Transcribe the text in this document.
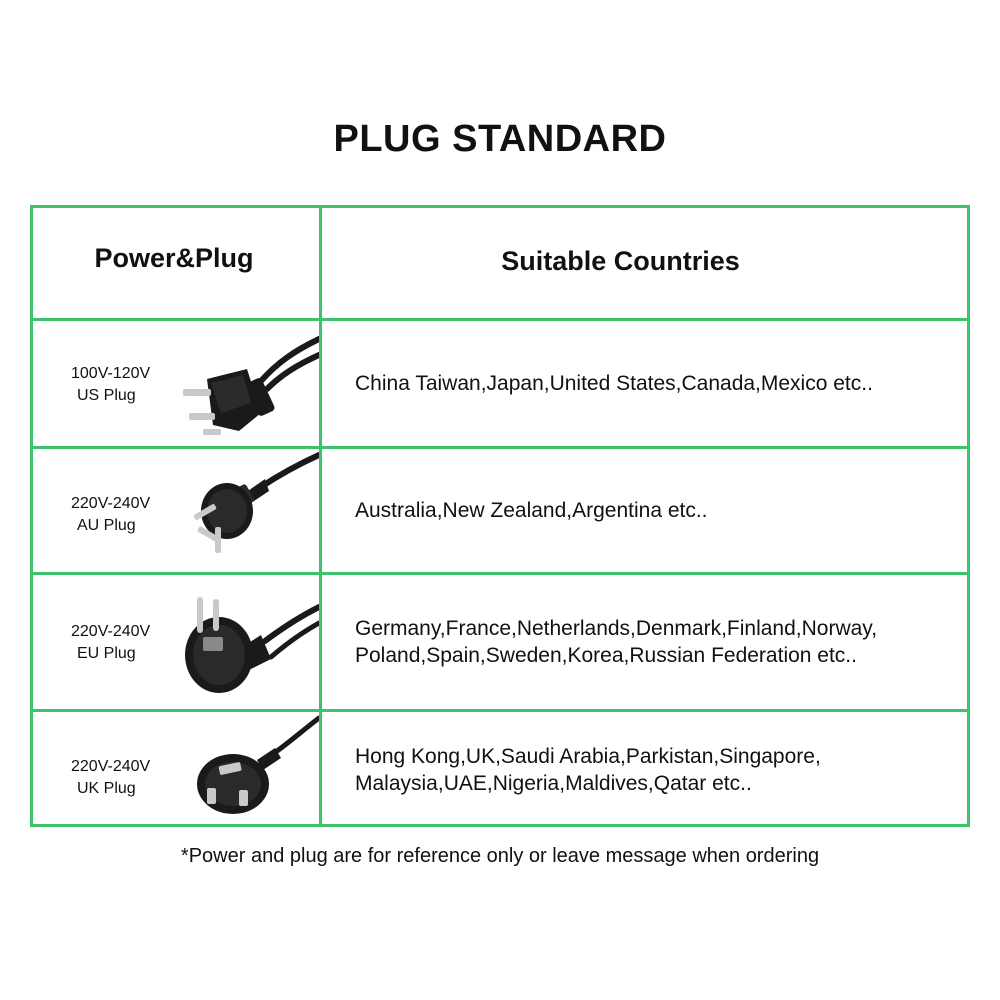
PLUG STANDARD
Power&Plug	Suitable Countries
100V-120V
US Plug
China Taiwan,Japan,United States,Canada,Mexico etc..
220V-240V
AU Plug
Australia,New Zealand,Argentina etc..
220V-240V
EU Plug
Germany,France,Netherlands,Denmark,Finland,Norway,
Poland,Spain,Sweden,Korea,Russian Federation etc..
220V-240V
UK Plug
Hong Kong,UK,Saudi Arabia,Parkistan,Singapore,
Malaysia,UAE,Nigeria,Maldives,Qatar etc..
*Power and plug are for reference only or leave message when ordering
